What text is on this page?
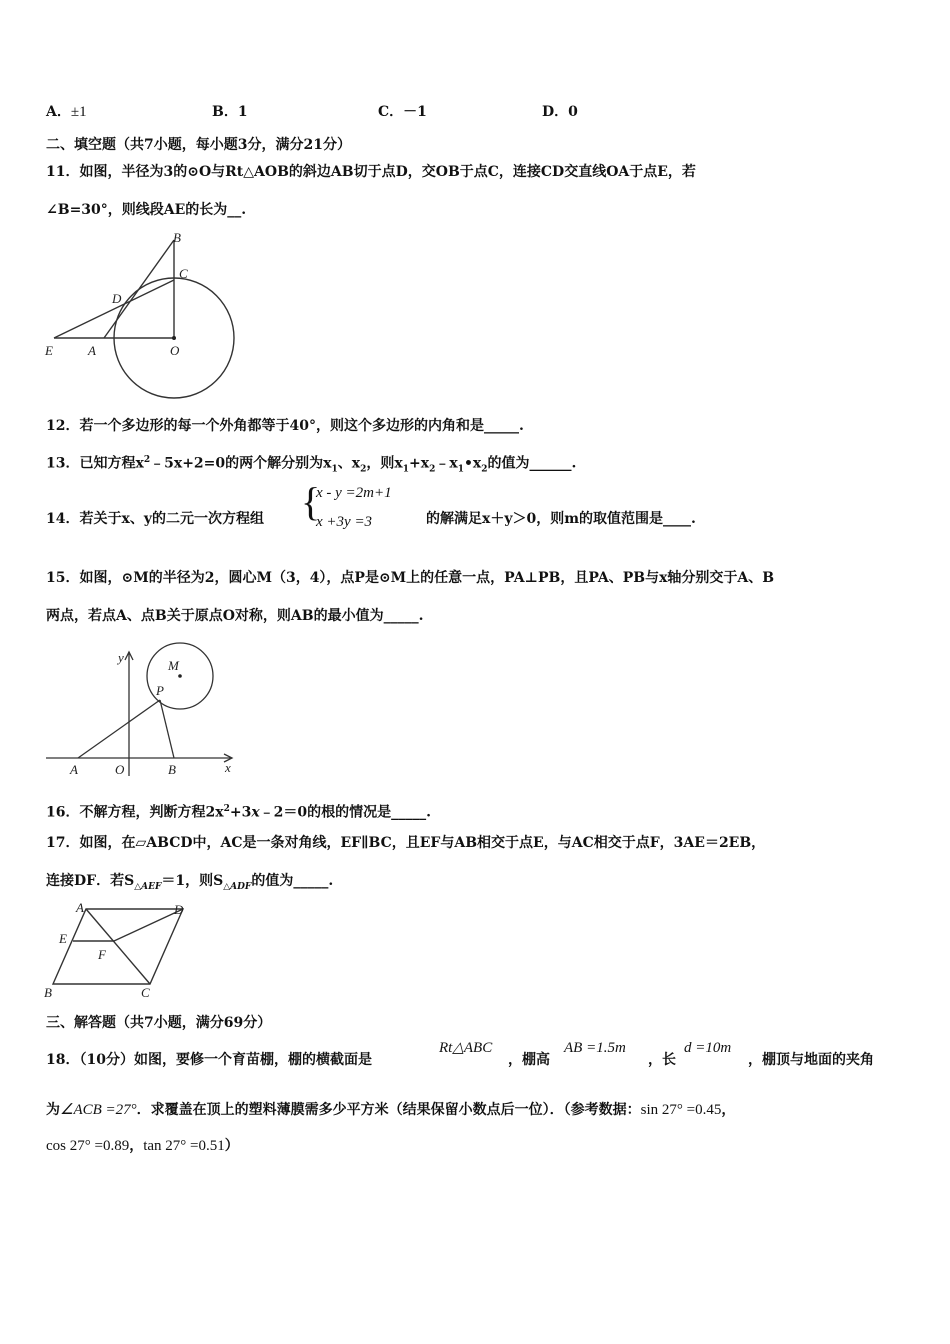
A．±1	B．1	C．－1	D．0
二、填空题（共7小题，每小题3分，满分21分）
11．如图，半径为3的⊙O与Rt△AOB的斜边AB切于点D，交OB于点C，连接CD交直线OA于点E，若
∠B=30°，则线段AE的长为__.
B
C
D
E	A	O
12．若一个多边形的每一个外角都等于40°，则这个多边形的内角和是_____.
13．已知方程$x^2﹣5x+2=0$的两个解分别为$x_1$、$x_2$，则$x_1+x_2﹣x_1•x_2$的值为______.
14．若关于x、y的二元一次方程组 {
x - y =2m+1
x +3y =3	的解满足x＋y＞0，则m的取值范围是____.
15．如图，⊙M的半径为2，圆心M（3，4），点P是⊙M上的任意一点，PA⊥PB，且PA、PB与x轴分别交于A、B
两点，若点A、点B关于原点O对称，则AB的最小值为_____.
y
M
P
A	O	B	x
16．不解方程，判断方程$2x^2+3x﹣2=0$的根的情况是_____.
17．如图，在▱ABCD中，AC是一条对角线，EF∥BC，且EF与AB相交于点E，与AC相交于点F，3AE＝2EB，
连接DF．若$S_{\triangle AEF}=1$，则$S_{\triangle ADF}$的值为_____.
A	D
E
F
B	C
三、解答题（共7小题，满分69分）
18．（10分）如图，要修一个育苗棚，棚的横截面是
Rt△ABC
，棚高
AB =1.5m
，长
d =10m
，棚顶与地面的夹角
为∠ACB =27°．求覆盖在顶上的塑料薄膜需多少平方米（结果保留小数点后一位）．（参考数据：sin 27° =0.45，
cos 27° =0.89，tan 27° =0.51）
